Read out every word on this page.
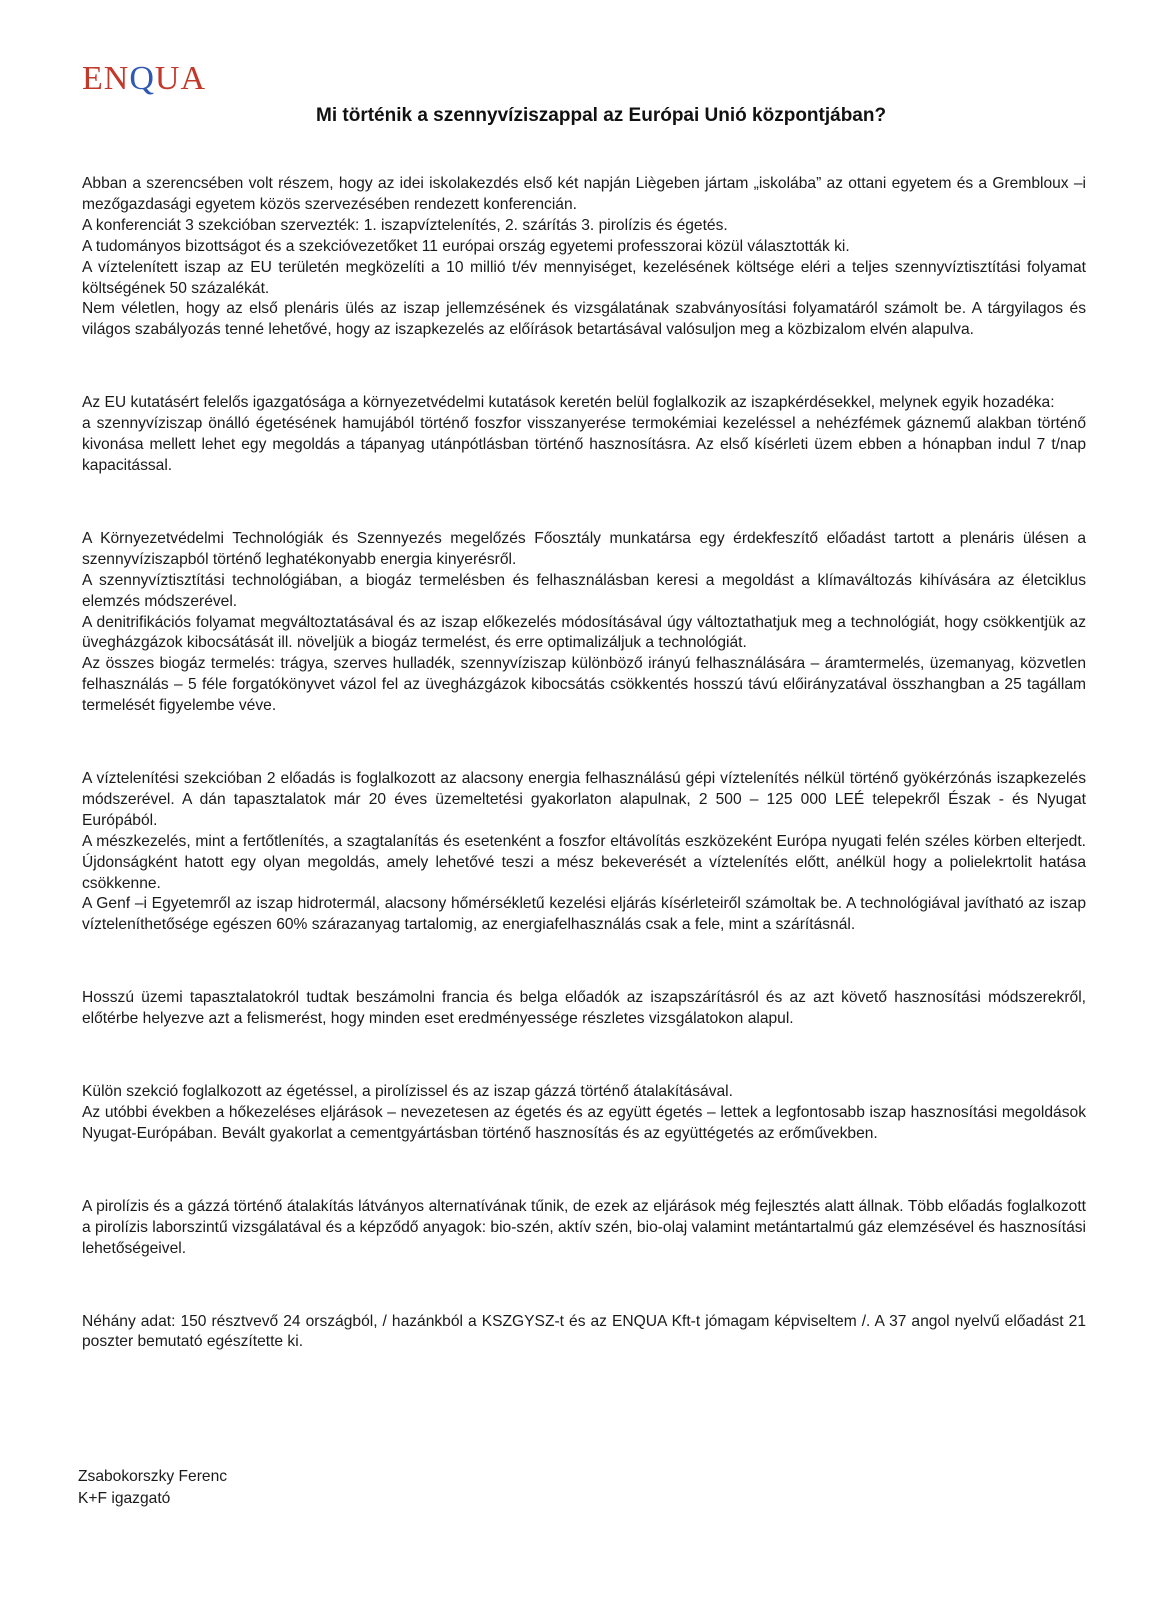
ENQUA
Mi történik a szennyvíziszappal az Európai Unió központjában?

Abban a szerencsében volt részem, hogy az idei iskolakezdés első két napján Liègeben jártam „iskolába” az ottani egyetem és a Grembloux –i mezőgazdasági egyetem közös szervezésében rendezett konferencián.

A konferenciát 3 szekcióban szervezték: 1. iszapvíztelenítés, 2. szárítás 3. pirolízis és égetés.

A tudományos bizottságot és a szekcióvezetőket 11 európai ország egyetemi professzorai közül választották ki.

A víztelenített iszap az EU területén megközelíti a 10 millió t/év mennyiséget, kezelésének költsége eléri a teljes szennyvíztisztítási folyamat költségének 50 százalékát.

Nem véletlen, hogy az első plenáris ülés az iszap jellemzésének és vizsgálatának szabványosítási folyamatáról számolt be. A tárgyilagos és világos szabályozás tenné lehetővé, hogy az iszapkezelés az előírások betartásával valósuljon meg a közbizalom elvén alapulva.

Az EU kutatásért felelős igazgatósága a környezetvédelmi kutatások keretén belül foglalkozik az iszapkérdésekkel, melynek egyik hozadéka:

a szennyvíziszap önálló égetésének hamujából történő foszfor visszanyerése termokémiai kezeléssel a nehézfémek gáznemű alakban történő kivonása mellett lehet egy megoldás a tápanyag utánpótlásban történő hasznosításra. Az első kísérleti üzem ebben a hónapban indul 7 t/nap kapacitással.

A Környezetvédelmi Technológiák és Szennyezés megelőzés Főosztály munkatársa egy érdekfeszítő előadást tartott a plenáris ülésen a szennyvíziszapból történő leghatékonyabb energia kinyerésről.

A szennyvíztisztítási technológiában, a biogáz termelésben és felhasználásban keresi a megoldást a klímaváltozás kihívására az életciklus elemzés módszerével.

A denitrifikációs folyamat megváltoztatásával és az iszap előkezelés módosításával úgy változtathatjuk meg a technológiát, hogy csökkentjük az üvegházgázok kibocsátását ill. növeljük a biogáz termelést, és erre optimalizáljuk a technológiát.

Az összes biogáz termelés: trágya, szerves hulladék, szennyvíziszap különböző irányú felhasználására – áramtermelés, üzemanyag, közvetlen felhasználás – 5 féle forgatókönyvet vázol fel az üvegházgázok kibocsátás csökkentés hosszú távú előirányzatával összhangban a 25 tagállam termelését figyelembe véve.

A víztelenítési szekcióban 2 előadás is foglalkozott az alacsony energia felhasználású gépi víztelenítés nélkül történő gyökérzónás iszapkezelés módszerével. A dán tapasztalatok már 20 éves üzemeltetési gyakorlaton alapulnak, 2 500 – 125 000 LEÉ telepekről Észak - és Nyugat Európából.

A mészkezelés, mint a fertőtlenítés, a szagtalanítás és esetenként a foszfor eltávolítás eszközeként Európa nyugati felén széles körben elterjedt. Újdonságként hatott egy olyan megoldás, amely lehetővé teszi a mész bekeverését a víztelenítés előtt, anélkül hogy a polielekrtolit hatása csökkenne.

A Genf –i Egyetemről az iszap hidrotermál, alacsony hőmérsékletű kezelési eljárás kísérleteiről számoltak be. A technológiával javítható az iszap vízteleníthetősége egészen 60% szárazanyag tartalomig, az energiafelhasználás csak a fele, mint a szárításnál.

Hosszú üzemi tapasztalatokról tudtak beszámolni francia és belga előadók az iszapszárításról és az azt követő hasznosítási módszerekről, előtérbe helyezve azt a felismerést, hogy minden eset eredményessége részletes vizsgálatokon alapul.

Külön szekció foglalkozott az égetéssel, a pirolízissel és az iszap gázzá történő átalakításával.

Az utóbbi években a hőkezeléses eljárások – nevezetesen az égetés és az együtt égetés – lettek a legfontosabb iszap hasznosítási megoldások Nyugat-Európában. Bevált gyakorlat a cementgyártásban történő hasznosítás és az együttégetés az erőművekben.

A pirolízis és a gázzá történő átalakítás látványos alternatívának tűnik, de ezek az eljárások még fejlesztés alatt állnak. Több előadás foglalkozott a pirolízis laborszintű vizsgálatával és a képződő anyagok: bio-szén, aktív szén, bio-olaj valamint metántartalmú gáz elemzésével és hasznosítási lehetőségeivel.

Néhány adat: 150 résztvevő 24 országból, / hazánkból a KSZGYSZ-t és az ENQUA Kft-t jómagam képviseltem /. A 37 angol nyelvű előadást 21 poszter bemutató egészítette ki.

Zsabokorszky Ferenc
K+F igazgató
